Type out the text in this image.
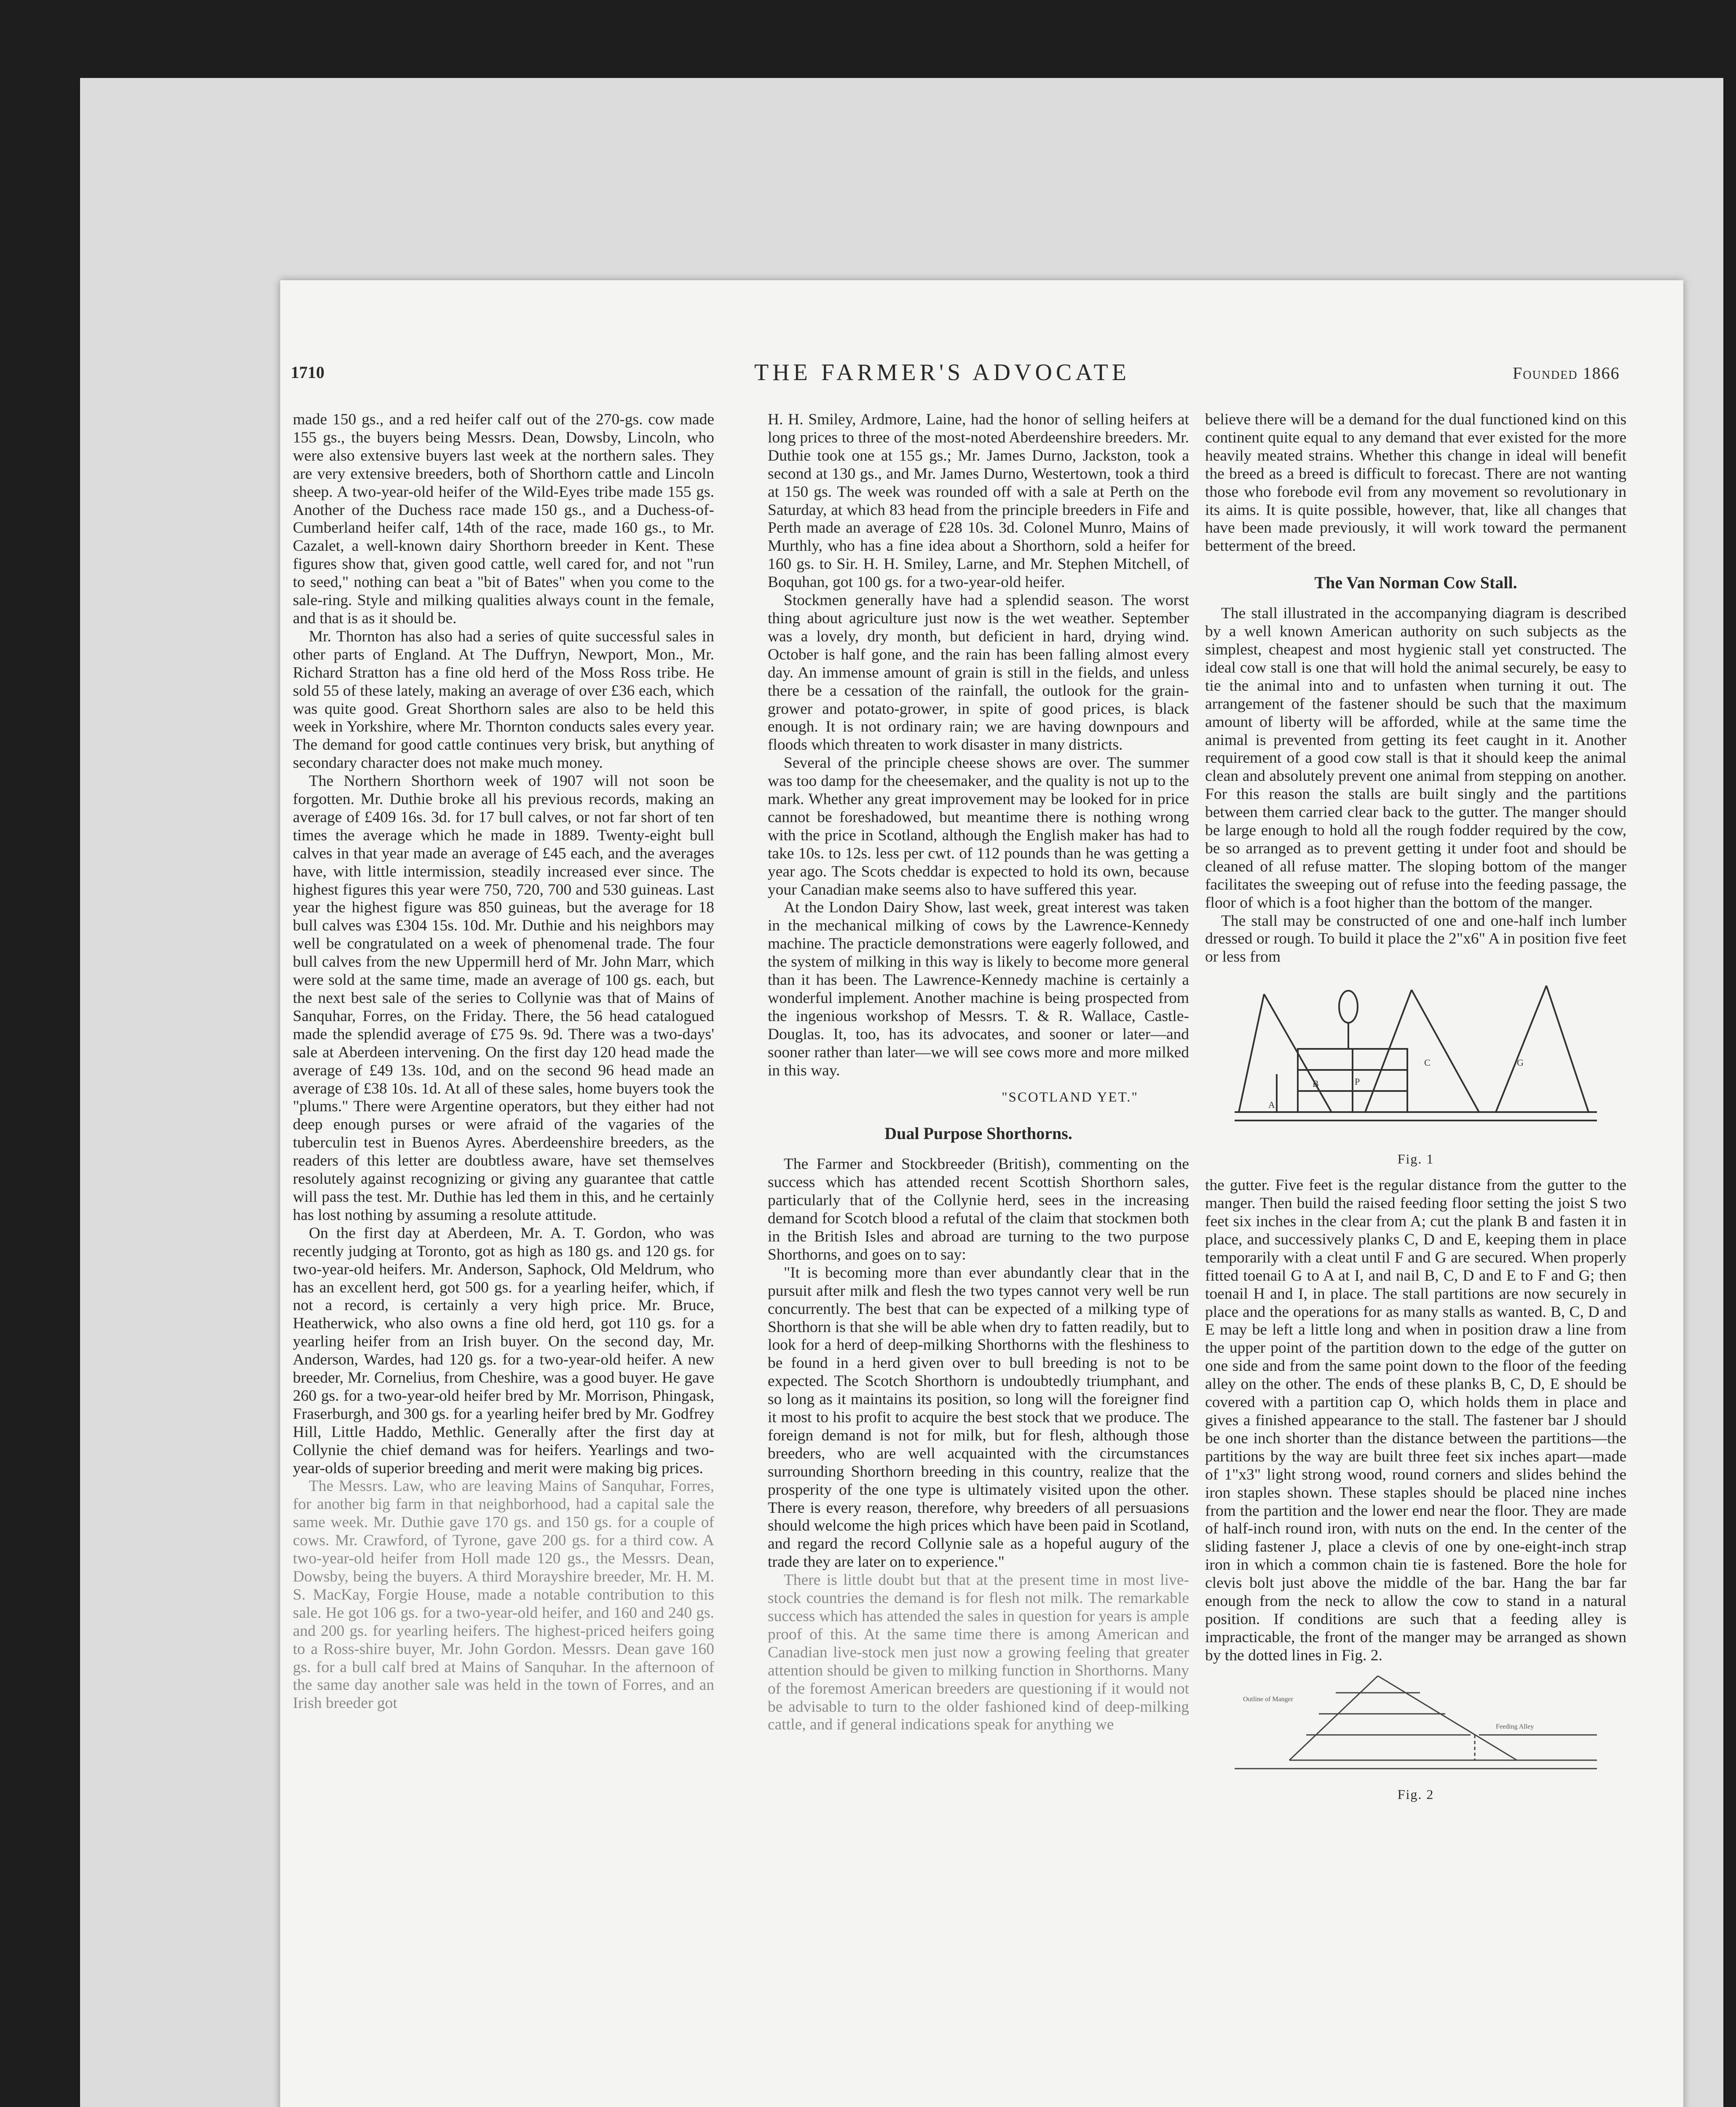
1710	THE FARMER'S ADVOCATE	Founded 1866

made 150 gs., and a red heifer calf out of the 270-gs. cow made 155 gs., the buyers being Messrs. Dean, Dowsby, Lincoln, who were also extensive buyers last week at the northern sales. They are very extensive breeders, both of Shorthorn cattle and Lincoln sheep. A two-year-old heifer of the Wild-Eyes tribe made 155 gs. Another of the Duchess race made 150 gs., and a Duchess-of-Cumberland heifer calf, 14th of the race, made 160 gs., to Mr. Cazalet, a well-known dairy Shorthorn breeder in Kent. These figures show that, given good cattle, well cared for, and not "run to seed," nothing can beat a "bit of Bates" when you come to the sale-ring. Style and milking qualities always count in the female, and that is as it should be.

Mr. Thornton has also had a series of quite successful sales in other parts of England. At The Duffryn, Newport, Mon., Mr. Richard Stratton has a fine old herd of the Moss Ross tribe. He sold 55 of these lately, making an average of over £36 each, which was quite good. Great Shorthorn sales are also to be held this week in Yorkshire, where Mr. Thornton conducts sales every year. The demand for good cattle continues very brisk, but anything of secondary character does not make much money.

The Northern Shorthorn week of 1907 will not soon be forgotten. Mr. Duthie broke all his previous records, making an average of £409 16s. 3d. for 17 bull calves, or not far short of ten times the average which he made in 1889. Twenty-eight bull calves in that year made an average of £45 each, and the averages have, with little intermission, steadily increased ever since. The highest figures this year were 750, 720, 700 and 530 guineas. Last year the highest figure was 850 guineas, but the average for 18 bull calves was £304 15s. 10d. Mr. Duthie and his neighbors may well be congratulated on a week of phenomenal trade. The four bull calves from the new Uppermill herd of Mr. John Marr, which were sold at the same time, made an average of 100 gs. each, but the next best sale of the series to Collynie was that of Mains of Sanquhar, Forres, on the Friday. There, the 56 head catalogued made the splendid average of £75 9s. 9d. There was a two-days' sale at Aberdeen intervening. On the first day 120 head made the average of £49 13s. 10d, and on the second 96 head made an average of £38 10s. 1d. At all of these sales, home buyers took the "plums." There were Argentine operators, but they either had not deep enough purses or were afraid of the vagaries of the tuberculin test in Buenos Ayres. Aberdeenshire breeders, as the readers of this letter are doubtless aware, have set themselves resolutely against recognizing or giving any guarantee that cattle will pass the test. Mr. Duthie has led them in this, and he certainly has lost nothing by assuming a resolute attitude.

On the first day at Aberdeen, Mr. A. T. Gordon, who was recently judging at Toronto, got as high as 180 gs. and 120 gs. for two-year-old heifers. Mr. Anderson, Saphock, Old Meldrum, who has an excellent herd, got 500 gs. for a yearling heifer, which, if not a record, is certainly a very high price. Mr. Bruce, Heatherwick, who also owns a fine old herd, got 110 gs. for a yearling heifer from an Irish buyer. On the second day, Mr. Anderson, Wardes, had 120 gs. for a two-year-old heifer. A new breeder, Mr. Cornelius, from Cheshire, was a good buyer. He gave 260 gs. for a two-year-old heifer bred by Mr. Morrison, Phingask, Fraserburgh, and 300 gs. for a yearling heifer bred by Mr. Godfrey Hill, Little Haddo, Methlic. Generally after the first day at Collynie the chief demand was for heifers. Yearlings and two-year-olds of superior breeding and merit were making big prices.

The Messrs. Law, who are leaving Mains of Sanquhar, Forres, for another big farm in that neighborhood, had a capital sale the same week. Mr. Duthie gave 170 gs. and 150 gs. for a couple of cows. Mr. Crawford, of Tyrone, gave 200 gs. for a third cow. A two-year-old heifer from Holl made 120 gs., the Messrs. Dean, Dowsby, being the buyers. A third Morayshire breeder, Mr. H. M. S. MacKay, Forgie House, made a notable contribution to this sale. He got 106 gs. for a two-year-old heifer, and 160 and 240 gs. and 200 gs. for yearling heifers. The highest-priced heifers going to a Ross-shire buyer, Mr. John Gordon. Messrs. Dean gave 160 gs. for a bull calf bred at Mains of Sanquhar. In the afternoon of the same day another sale was held in the town of Forres, and an Irish breeder got

H. H. Smiley, Ardmore, Laine, had the honor of selling heifers at long prices to three of the most-noted Aberdeenshire breeders. Mr. Duthie took one at 155 gs.; Mr. James Durno, Jackston, took a second at 130 gs., and Mr. James Durno, Westertown, took a third at 150 gs. The week was rounded off with a sale at Perth on the Saturday, at which 83 head from the principle breeders in Fife and Perth made an average of £28 10s. 3d. Colonel Munro, Mains of Murthly, who has a fine idea about a Shorthorn, sold a heifer for 160 gs. to Sir. H. H. Smiley, Larne, and Mr. Stephen Mitchell, of Boquhan, got 100 gs. for a two-year-old heifer.

Stockmen generally have had a splendid season. The worst thing about agriculture just now is the wet weather. September was a lovely, dry month, but deficient in hard, drying wind. October is half gone, and the rain has been falling almost every day. An immense amount of grain is still in the fields, and unless there be a cessation of the rainfall, the outlook for the grain-grower and potato-grower, in spite of good prices, is black enough. It is not ordinary rain; we are having downpours and floods which threaten to work disaster in many districts.

Several of the principle cheese shows are over. The summer was too damp for the cheesemaker, and the quality is not up to the mark. Whether any great improvement may be looked for in price cannot be foreshadowed, but meantime there is nothing wrong with the price in Scotland, although the English maker has had to take 10s. to 12s. less per cwt. of 112 pounds than he was getting a year ago. The Scots cheddar is expected to hold its own, because your Canadian make seems also to have suffered this year.

At the London Dairy Show, last week, great interest was taken in the mechanical milking of cows by the Lawrence-Kennedy machine. The practicle demonstrations were eagerly followed, and the system of milking in this way is likely to become more general than it has been. The Lawrence-Kennedy machine is certainly a wonderful implement. Another machine is being prospected from the ingenious workshop of Messrs. T. & R. Wallace, Castle-Douglas. It, too, has its advocates, and sooner or later—and sooner rather than later—we will see cows more and more milked in this way.

"SCOTLAND YET."

Dual Purpose Shorthorns.

The Farmer and Stockbreeder (British), commenting on the success which has attended recent Scottish Shorthorn sales, particularly that of the Collynie herd, sees in the increasing demand for Scotch blood a refutal of the claim that stockmen both in the British Isles and abroad are turning to the two purpose Shorthorns, and goes on to say:

"It is becoming more than ever abundantly clear that in the pursuit after milk and flesh the two types cannot very well be run concurrently. The best that can be expected of a milking type of Shorthorn is that she will be able when dry to fatten readily, but to look for a herd of deep-milking Shorthorns with the fleshiness to be found in a herd given over to bull breeding is not to be expected. The Scotch Shorthorn is undoubtedly triumphant, and so long as it maintains its position, so long will the foreigner find it most to his profit to acquire the best stock that we produce. The foreign demand is not for milk, but for flesh, although those breeders, who are well acquainted with the circumstances surrounding Shorthorn breeding in this country, realize that the prosperity of the one type is ultimately visited upon the other. There is every reason, therefore, why breeders of all persuasions should welcome the high prices which have been paid in Scotland, and regard the record Collynie sale as a hopeful augury of the trade they are later on to experience."

There is little doubt but that at the present time in most live-stock countries the demand is for flesh not milk. The remarkable success which has attended the sales in question for years is ample proof of this. At the same time there is among American and Canadian live-stock men just now a growing feeling that greater attention should be given to milking function in Shorthorns. Many of the foremost American breeders are questioning if it would not be advisable to turn to the older fashioned kind of deep-milking cattle, and if general indications speak for anything we

believe there will be a demand for the dual functioned kind on this continent quite equal to any demand that ever existed for the more heavily meated strains. Whether this change in ideal will benefit the breed as a breed is difficult to forecast. There are not wanting those who forebode evil from any movement so revolutionary in its aims. It is quite possible, however, that, like all changes that have been made previously, it will work toward the permanent betterment of the breed.

The Van Norman Cow Stall.

The stall illustrated in the accompanying diagram is described by a well known American authority on such subjects as the simplest, cheapest and most hygienic stall yet constructed. The ideal cow stall is one that will hold the animal securely, be easy to tie the animal into and to unfasten when turning it out. The arrangement of the fastener should be such that the maximum amount of liberty will be afforded, while at the same time the animal is prevented from getting its feet caught in it. Another requirement of a good cow stall is that it should keep the animal clean and absolutely prevent one animal from stepping on another. For this reason the stalls are built singly and the partitions between them carried clear back to the gutter. The manger should be large enough to hold all the rough fodder required by the cow, be so arranged as to prevent getting it under foot and should be cleaned of all refuse matter. The sloping bottom of the manger facilitates the sweeping out of refuse into the feeding passage, the floor of which is a foot higher than the bottom of the manger.

The stall may be constructed of one and one-half inch lumber dressed or rough. To build it place the 2"x6" A in position five feet or less from

A
B	P
C	G

Fig. 1

the gutter. Five feet is the regular distance from the gutter to the manger. Then build the raised feeding floor setting the joist S two feet six inches in the clear from A; cut the plank B and fasten it in place, and successively planks C, D and E, keeping them in place temporarily with a cleat until F and G are secured. When properly fitted toenail G to A at I, and nail B, C, D and E to F and G; then toenail H and I, in place. The stall partitions are now securely in place and the operations for as many stalls as wanted. B, C, D and E may be left a little long and when in position draw a line from the upper point of the partition down to the edge of the gutter on one side and from the same point down to the floor of the feeding alley on the other. The ends of these planks B, C, D, E should be covered with a partition cap O, which holds them in place and gives a finished appearance to the stall. The fastener bar J should be one inch shorter than the distance between the partitions—the partitions by the way are built three feet six inches apart—made of 1"x3" light strong wood, round corners and slides behind the iron staples shown. These staples should be placed nine inches from the partition and the lower end near the floor. They are made of half-inch round iron, with nuts on the end. In the center of the sliding fastener J, place a clevis of one by one-eight-inch strap iron in which a common chain tie is fastened. Bore the hole for clevis bolt just above the middle of the bar. Hang the bar far enough from the neck to allow the cow to stand in a natural position. If conditions are such that a feeding alley is impracticable, the front of the manger may be arranged as shown by the dotted lines in Fig. 2.

Outline of Manger
Feeding Alley

Fig. 2
